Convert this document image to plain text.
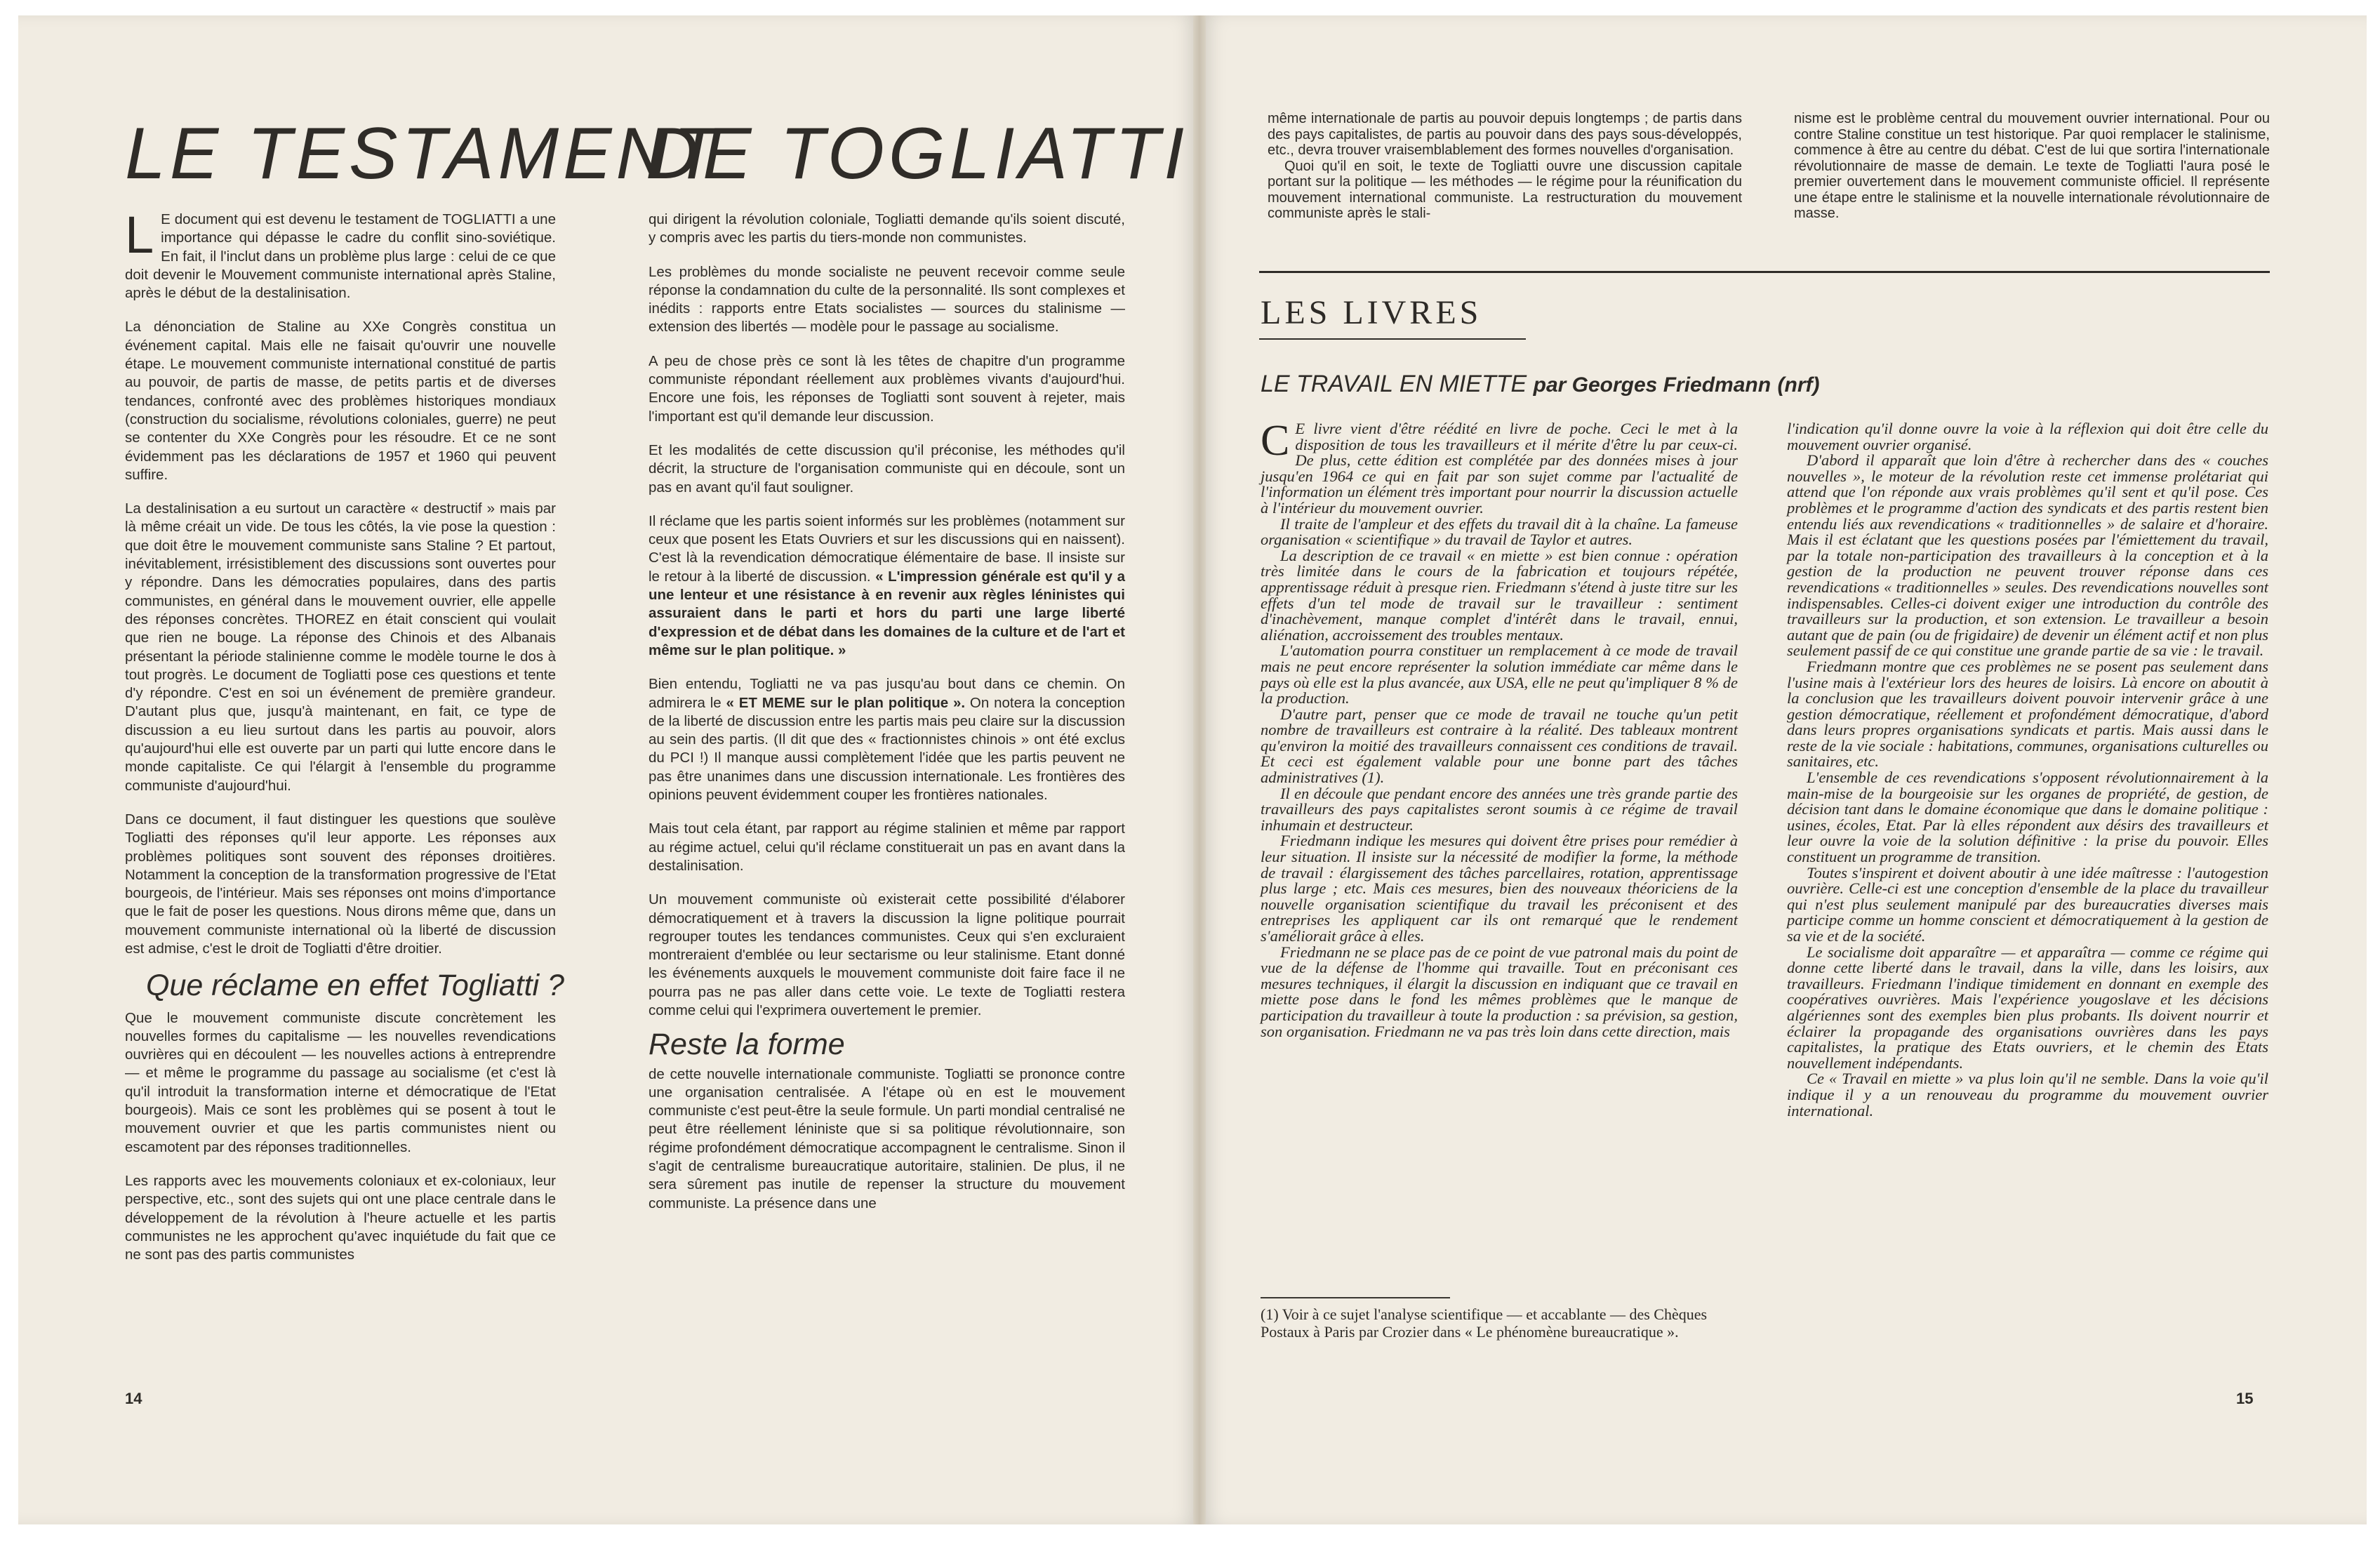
LE TESTAMENT
DE TOGLIATTI

L E document qui est devenu le testament de TOGLIATTI a une importance qui dépasse le cadre du conflit sino-soviétique. En fait, il l'inclut dans un problème plus large : celui de ce que doit devenir le Mouvement communiste international après Staline, après le début de la destalinisation.

La dénonciation de Staline au XXe Congrès constitua un événement capital. Mais elle ne faisait qu'ouvrir une nouvelle étape. Le mouvement communiste international constitué de partis au pouvoir, de partis de masse, de petits partis et de diverses tendances, confronté avec des problèmes historiques mondiaux (construction du socialisme, révolutions coloniales, guerre) ne peut se contenter du XXe Congrès pour les résoudre. Et ce ne sont évidemment pas les déclarations de 1957 et 1960 qui peuvent suffire.

La destalinisation a eu surtout un caractère « destructif » mais par là même créait un vide. De tous les côtés, la vie pose la question : que doit être le mouvement communiste sans Staline ? Et partout, inévitablement, irrésistiblement des discussions sont ouvertes pour y répondre. Dans les démocraties populaires, dans des partis communistes, en général dans le mouvement ouvrier, elle appelle des réponses concrètes. THOREZ en était conscient qui voulait que rien ne bouge. La réponse des Chinois et des Albanais présentant la période stalinienne comme le modèle tourne le dos à tout progrès. Le document de Togliatti pose ces questions et tente d'y répondre. C'est en soi un événement de première grandeur. D'autant plus que, jusqu'à maintenant, en fait, ce type de discussion a eu lieu surtout dans les partis au pouvoir, alors qu'aujourd'hui elle est ouverte par un parti qui lutte encore dans le monde capitaliste. Ce qui l'élargit à l'ensemble du programme communiste d'aujourd'hui.

Dans ce document, il faut distinguer les questions que soulève Togliatti des réponses qu'il leur apporte. Les réponses aux problèmes politiques sont souvent des réponses droitières. Notamment la conception de la transformation progressive de l'Etat bourgeois, de l'intérieur. Mais ses réponses ont moins d'importance que le fait de poser les questions. Nous dirons même que, dans un mouvement communiste international où la liberté de discussion est admise, c'est le droit de Togliatti d'être droitier.

Que réclame en effet Togliatti ?

Que le mouvement communiste discute concrètement les nouvelles formes du capitalisme — les nouvelles revendications ouvrières qui en découlent — les nouvelles actions à entreprendre — et même le programme du passage au socialisme (et c'est là qu'il introduit la transformation interne et démocratique de l'Etat bourgeois). Mais ce sont les problèmes qui se posent à tout le mouvement ouvrier et que les partis communistes nient ou escamotent par des réponses traditionnelles.

Les rapports avec les mouvements coloniaux et ex-coloniaux, leur perspective, etc., sont des sujets qui ont une place centrale dans le développement de la révolution à l'heure actuelle et les partis communistes ne les approchent qu'avec inquiétude du fait que ce ne sont pas des partis communistes

qui dirigent la révolution coloniale, Togliatti demande qu'ils soient discuté, y compris avec les partis du tiers-monde non communistes.

Les problèmes du monde socialiste ne peuvent recevoir comme seule réponse la condamnation du culte de la personnalité. Ils sont complexes et inédits : rapports entre Etats socialistes — sources du stalinisme — extension des libertés — modèle pour le passage au socialisme.

A peu de chose près ce sont là les têtes de chapitre d'un programme communiste répondant réellement aux problèmes vivants d'aujourd'hui. Encore une fois, les réponses de Togliatti sont souvent à rejeter, mais l'important est qu'il demande leur discussion.

Et les modalités de cette discussion qu'il préconise, les méthodes qu'il décrit, la structure de l'organisation communiste qui en découle, sont un pas en avant qu'il faut souligner.

Il réclame que les partis soient informés sur les problèmes (notamment sur ceux que posent les Etats Ouvriers et sur les discussions qui en naissent). C'est là la revendication démocratique élémentaire de base. Il insiste sur le retour à la liberté de discussion. « L'impression générale est qu'il y a une lenteur et une résistance à en revenir aux règles léninistes qui assuraient dans le parti et hors du parti une large liberté d'expression et de débat dans les domaines de la culture et de l'art et même sur le plan politique. »

Bien entendu, Togliatti ne va pas jusqu'au bout dans ce chemin. On admirera le « ET MEME sur le plan politique ». On notera la conception de la liberté de discussion entre les partis mais peu claire sur la discussion au sein des partis. (Il dit que des « fractionnistes chinois » ont été exclus du PCI !) Il manque aussi complètement l'idée que les partis peuvent ne pas être unanimes dans une discussion internationale. Les frontières des opinions peuvent évidemment couper les frontières nationales.

Mais tout cela étant, par rapport au régime stalinien et même par rapport au régime actuel, celui qu'il réclame constituerait un pas en avant dans la destalinisation.

Un mouvement communiste où existerait cette possibilité d'élaborer démocratiquement et à travers la discussion la ligne politique pourrait regrouper toutes les tendances communistes. Ceux qui s'en excluraient montreraient d'emblée ou leur sectarisme ou leur stalinisme. Etant donné les événements auxquels le mouvement communiste doit faire face il ne pourra pas ne pas aller dans cette voie. Le texte de Togliatti restera comme celui qui l'exprimera ouvertement le premier.

Reste la forme

de cette nouvelle internationale communiste. Togliatti se prononce contre une organisation centralisée. A l'étape où en est le mouvement communiste c'est peut-être la seule formule. Un parti mondial centralisé ne peut être réellement léniniste que si sa politique révolutionnaire, son régime profondément démocratique accompagnent le centralisme. Sinon il s'agit de centralisme bureaucratique autoritaire, stalinien. De plus, il ne sera sûrement pas inutile de repenser la structure du mouvement communiste. La présence dans une

14

même internationale de partis au pouvoir depuis longtemps ; de partis dans des pays capitalistes, de partis au pouvoir dans des pays sous-développés, etc., devra trouver vraisemblablement des formes nouvelles d'organisation.

Quoi qu'il en soit, le texte de Togliatti ouvre une discussion capitale portant sur la politique — les méthodes — le régime pour la réunification du mouvement international communiste. La restructuration du mouvement communiste après le stali-

nisme est le problème central du mouvement ouvrier international. Pour ou contre Staline constitue un test historique. Par quoi remplacer le stalinisme, commence à être au centre du débat. C'est de lui que sortira l'internationale révolutionnaire de masse de demain. Le texte de Togliatti l'aura posé le premier ouvertement dans le mouvement communiste officiel. Il représente une étape entre le stalinisme et la nouvelle internationale révolutionnaire de masse.

LES LIVRES
LE TRAVAIL EN MIETTE par Georges Friedmann (nrf)

C E livre vient d'être réédité en livre de poche. Ceci le met à la disposition de tous les travailleurs et il mérite d'être lu par ceux-ci. De plus, cette édition est complétée par des données mises à jour jusqu'en 1964 ce qui en fait par son sujet comme par l'actualité de l'information un élément très important pour nourrir la discussion actuelle à l'intérieur du mouvement ouvrier.

Il traite de l'ampleur et des effets du travail dit à la chaîne. La fameuse organisation « scientifique » du travail de Taylor et autres.

La description de ce travail « en miette » est bien connue : opération très limitée dans le cours de la fabrication et toujours répétée, apprentissage réduit à presque rien. Friedmann s'étend à juste titre sur les effets d'un tel mode de travail sur le travailleur : sentiment d'inachèvement, manque complet d'intérêt dans le travail, ennui, aliénation, accroissement des troubles mentaux.

L'automation pourra constituer un remplacement à ce mode de travail mais ne peut encore représenter la solution immédiate car même dans le pays où elle est la plus avancée, aux USA, elle ne peut qu'impliquer 8 % de la production.

D'autre part, penser que ce mode de travail ne touche qu'un petit nombre de travailleurs est contraire à la réalité. Des tableaux montrent qu'environ la moitié des travailleurs connaissent ces conditions de travail. Et ceci est également valable pour une bonne part des tâches administratives (1).

Il en découle que pendant encore des années une très grande partie des travailleurs des pays capitalistes seront soumis à ce régime de travail inhumain et destructeur.

Friedmann indique les mesures qui doivent être prises pour remédier à leur situation. Il insiste sur la nécessité de modifier la forme, la méthode de travail : élargissement des tâches parcellaires, rotation, apprentissage plus large ; etc. Mais ces mesures, bien des nouveaux théoriciens de la nouvelle organisation scientifique du travail les préconisent et des entreprises les appliquent car ils ont remarqué que le rendement s'améliorait grâce à elles.

Friedmann ne se place pas de ce point de vue patronal mais du point de vue de la défense de l'homme qui travaille. Tout en préconisant ces mesures techniques, il élargit la discussion en indiquant que ce travail en miette pose dans le fond les mêmes problèmes que le manque de participation du travailleur à toute la production : sa prévision, sa gestion, son organisation. Friedmann ne va pas très loin dans cette direction, mais

(1) Voir à ce sujet l'analyse scientifique — et accablante — des Chèques Postaux à Paris par Crozier dans « Le phénomène bureaucratique ».

l'indication qu'il donne ouvre la voie à la réflexion qui doit être celle du mouvement ouvrier organisé.

D'abord il apparaît que loin d'être à rechercher dans des « couches nouvelles », le moteur de la révolution reste cet immense prolétariat qui attend que l'on réponde aux vrais problèmes qu'il sent et qu'il pose. Ces problèmes et le programme d'action des syndicats et des partis restent bien entendu liés aux revendications « traditionnelles » de salaire et d'horaire. Mais il est éclatant que les questions posées par l'émiettement du travail, par la totale non-participation des travailleurs à la conception et à la gestion de la production ne peuvent trouver réponse dans ces revendications « traditionnelles » seules. Des revendications nouvelles sont indispensables. Celles-ci doivent exiger une introduction du contrôle des travailleurs sur la production, et son extension. Le travailleur a besoin autant que de pain (ou de frigidaire) de devenir un élément actif et non plus seulement passif de ce qui constitue une grande partie de sa vie : le travail.

Friedmann montre que ces problèmes ne se posent pas seulement dans l'usine mais à l'extérieur lors des heures de loisirs. Là encore on aboutit à la conclusion que les travailleurs doivent pouvoir intervenir grâce à une gestion démocratique, réellement et profondément démocratique, d'abord dans leurs propres organisations syndicats et partis. Mais aussi dans le reste de la vie sociale : habitations, communes, organisations culturelles ou sanitaires, etc.

L'ensemble de ces revendications s'opposent révolutionnairement à la main-mise de la bourgeoisie sur les organes de propriété, de gestion, de décision tant dans le domaine économique que dans le domaine politique : usines, écoles, Etat. Par là elles répondent aux désirs des travailleurs et leur ouvre la voie de la solution définitive : la prise du pouvoir. Elles constituent un programme de transition.

Toutes s'inspirent et doivent aboutir à une idée maîtresse : l'autogestion ouvrière. Celle-ci est une conception d'ensemble de la place du travailleur qui n'est plus seulement manipulé par des bureaucraties diverses mais participe comme un homme conscient et démocratiquement à la gestion de sa vie et de la société.

Le socialisme doit apparaître — et apparaîtra — comme ce régime qui donne cette liberté dans le travail, dans la ville, dans les loisirs, aux travailleurs. Friedmann l'indique timidement en donnant en exemple des coopératives ouvrières. Mais l'expérience yougoslave et les décisions algériennes sont des exemples bien plus probants. Ils doivent nourrir et éclairer la propagande des organisations ouvrières dans les pays capitalistes, la pratique des Etats ouvriers, et le chemin des Etats nouvellement indépendants.

Ce « Travail en miette » va plus loin qu'il ne semble. Dans la voie qu'il indique il y a un renouveau du programme du mouvement ouvrier international.

15
